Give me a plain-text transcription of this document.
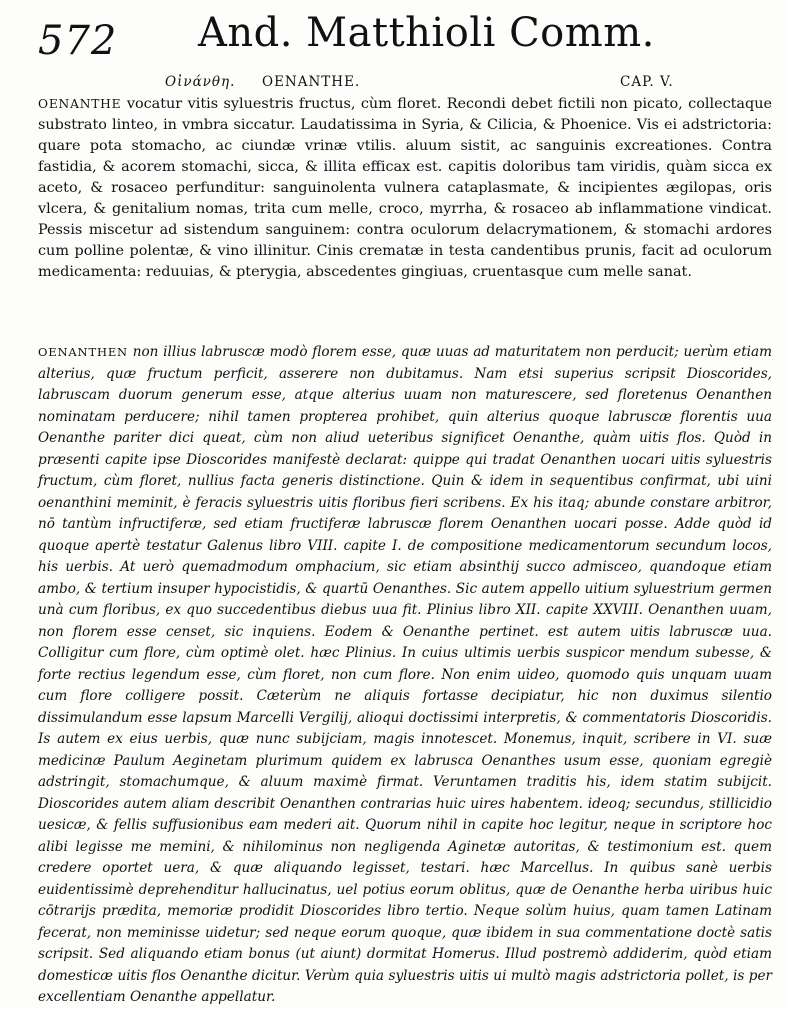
572 And. Matthioli Comm.
Οἰνάνθη. OENANTHE.	CAP. V.

OENANTHE vocatur vitis syluestris fructus, cùm floret. Recondi debet fictili non picato, collectaque substrato linteo, in vmbra siccatur. Laudatissima in Syria, & Cilicia, & Phoenice. Vis ei adstrictoria: quare pota stomacho, ac ciundæ vrinæ vtilis. aluum sistit, ac sanguinis excreationes. Contra fastidia, & acorem stomachi, sicca, & illita efficax est. capitis doloribus tam viridis, quàm sicca ex aceto, & rosaceo perfunditur: sanguinolenta vulnera cataplasmate, & incipientes ægilopas, oris vlcera, & genitalium nomas, trita cum melle, croco, myrrha, & rosaceo ab inflammatione vindicat. Pessis miscetur ad sistendum sanguinem: contra oculorum delacrymationem, & stomachi ardores cum polline polentæ, & vino illinitur. Cinis crematæ in testa candentibus prunis, facit ad oculorum medicamenta: reduuias, & pterygia, abscedentes gingiuas, cruentasque cum melle sanat.

OENANTHEN non illius labruscæ modò florem esse, quæ uuas ad maturitatem non perducit; uerùm etiam alterius, quæ fructum perficit, asserere non dubitamus. Nam etsi superius scripsit Dioscorides, labruscam duorum generum esse, atque alterius uuam non maturescere, sed floretenus Oenanthen nominatam perducere; nihil tamen propterea prohibet, quin alterius quoque labruscæ florentis uua Oenanthe pariter dici queat, cùm non aliud ueteribus significet Oenanthe, quàm uitis flos. Quòd in præsenti capite ipse Dioscorides manifestè declarat: quippe qui tradat Oenanthen uocari uitis syluestris fructum, cùm floret, nullius facta generis distinctione. Quin & idem in sequentibus confirmat, ubi uini oenanthini meminit, è feracis syluestris uitis floribus fieri scribens. Ex his itaq; abunde constare arbitror, nō tantùm infructiferæ, sed etiam fructiferæ labruscæ florem Oenanthen uocari posse. Adde quòd id quoque apertè testatur Galenus libro VIII. capite I. de compositione medicamentorum secundum locos, his uerbis. At uerò quemadmodum omphacium, sic etiam absinthij succo admisceo, quandoque etiam ambo, & tertium insuper hypocistidis, & quartū Oenanthes. Sic autem appello uitium syluestrium germen unà cum floribus, ex quo succedentibus diebus uua fit. Plinius libro XII. capite XXVIII. Oenanthen uuam, non florem esse censet, sic inquiens. Eodem & Oenanthe pertinet. est autem uitis labruscæ uua. Colligitur cum flore, cùm optimè olet. hæc Plinius. In cuius ultimis uerbis suspicor mendum subesse, & forte rectius legendum esse, cùm floret, non cum flore. Non enim uideo, quomodo quis unquam uuam cum flore colligere possit. Cæterùm ne aliquis fortasse decipiatur, hic non duximus silentio dissimulandum esse lapsum Marcelli Vergilij, alioqui doctissimi interpretis, & commentatoris Dioscoridis. Is autem ex eius uerbis, quæ nunc subijciam, magis innotescet. Monemus, inquit, scribere in VI. suæ medicinæ Paulum Aeginetam plurimum quidem ex labrusca Oenanthes usum esse, quoniam egregiè adstringit, stomachumque, & aluum maximè firmat. Veruntamen traditis his, idem statim subijcit. Dioscorides autem aliam describit Oenanthen contrarias huic uires habentem. ideoq; secundus, stillicidio uesicæ, & fellis suffusionibus eam mederi ait. Quorum nihil in capite hoc legitur, neque in scriptore hoc alibi legisse me memini, & nihilominus non negligenda Aginetæ autoritas, & testimonium est. quem credere oportet uera, & quæ aliquando legisset, testari. hæc Marcellus. In quibus sanè uerbis euidentissimè deprehenditur hallucinatus, uel potius eorum oblitus, quæ de Oenanthe herba uiribus huic cōtrarijs prædita, memoriæ prodidit Dioscorides libro tertio. Neque solùm huius, quam tamen Latinam fecerat, non meminisse uidetur; sed neque eorum quoque, quæ ibidem in sua commentatione doctè satis scripsit. Sed aliquando etiam bonus (ut aiunt) dormitat Homerus. Illud postremò addiderim, quòd etiam domesticæ uitis flos Oenanthe dicitur. Verùm quia syluestris uitis ui multò magis adstrictoria pollet, is per excellentiam Oenanthe appellatur.
